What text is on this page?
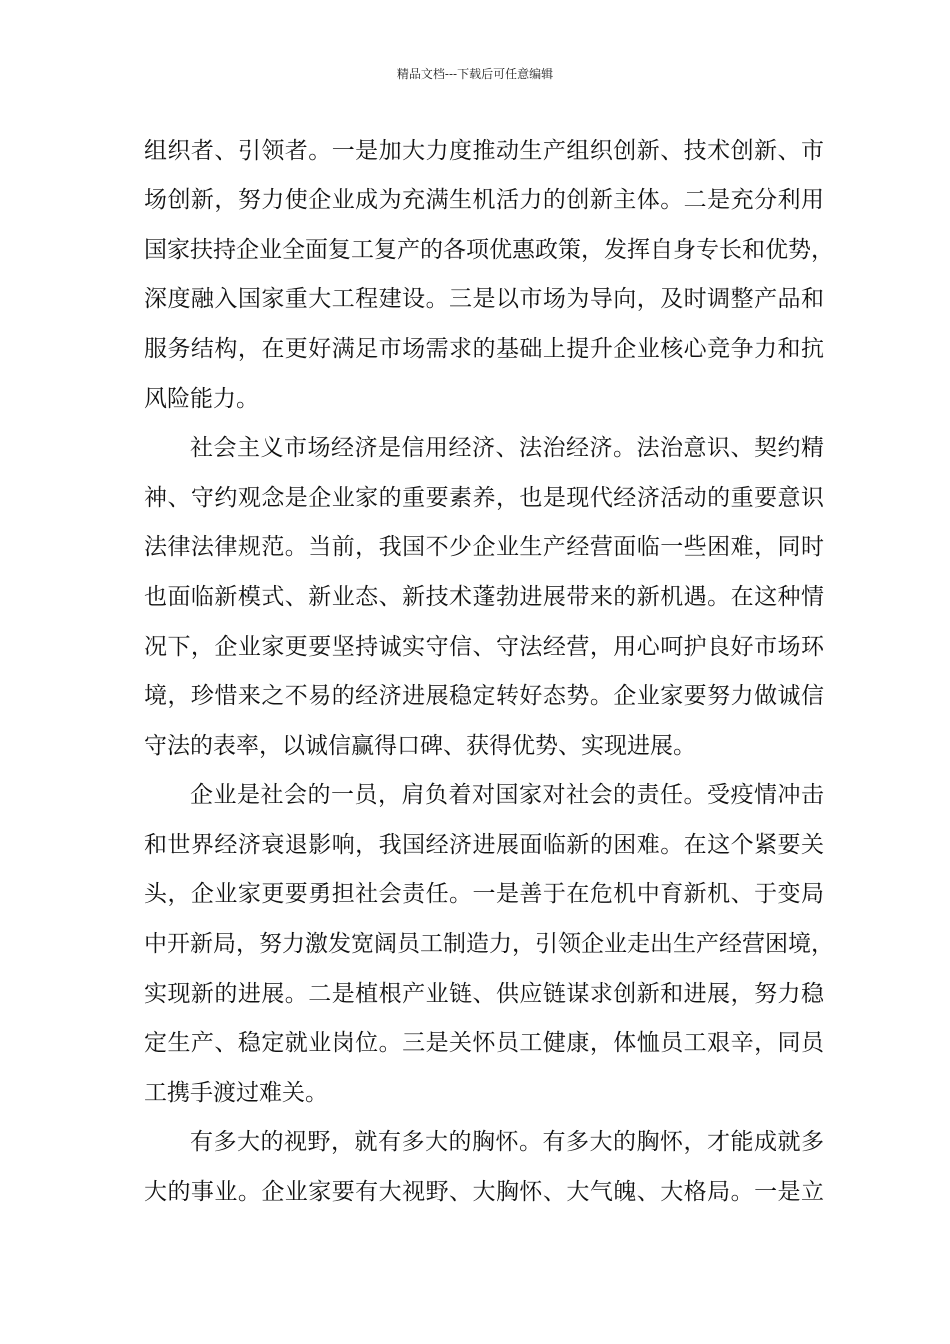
精品文档---下载后可任意编辑
组织者、引领者。一是加大力度推动生产组织创新、技术创新、市
场创新，努力使企业成为充满生机活力的创新主体。二是充分利用
国家扶持企业全面复工复产的各项优惠政策，发挥自身专长和优势，
深度融入国家重大工程建设。三是以市场为导向，及时调整产品和
服务结构，在更好满足市场需求的基础上提升企业核心竞争力和抗
风险能力。
社会主义市场经济是信用经济、法治经济。法治意识、契约精
神、守约观念是企业家的重要素养，也是现代经济活动的重要意识
法律法律规范。当前，我国不少企业生产经营面临一些困难，同时
也面临新模式、新业态、新技术蓬勃进展带来的新机遇。在这种情
况下，企业家更要坚持诚实守信、守法经营，用心呵护良好市场环
境，珍惜来之不易的经济进展稳定转好态势。企业家要努力做诚信
守法的表率，以诚信赢得口碑、获得优势、实现进展。
企业是社会的一员，肩负着对国家对社会的责任。受疫情冲击
和世界经济衰退影响，我国经济进展面临新的困难。在这个紧要关
头，企业家更要勇担社会责任。一是善于在危机中育新机、于变局
中开新局，努力激发宽阔员工制造力，引领企业走出生产经营困境，
实现新的进展。二是植根产业链、供应链谋求创新和进展，努力稳
定生产、稳定就业岗位。三是关怀员工健康，体恤员工艰辛，同员
工携手渡过难关。
有多大的视野，就有多大的胸怀。有多大的胸怀，才能成就多
大的事业。企业家要有大视野、大胸怀、大气魄、大格局。一是立
